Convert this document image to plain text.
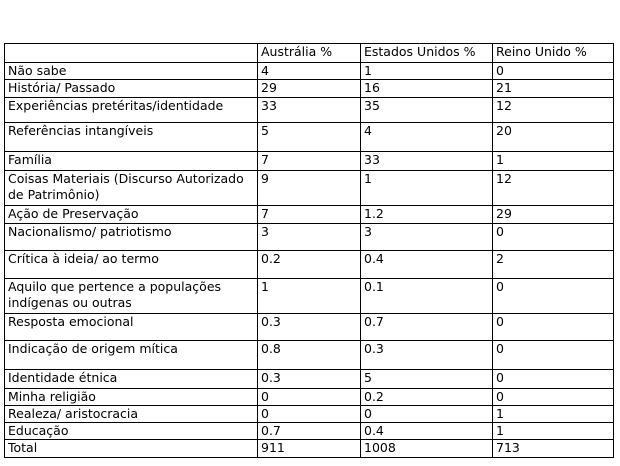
	Austrália %	Estados Unidos %	Reino Unido %
Não sabe	4	1	0
História/ Passado	29	16	21
Experiências pretéritas/identidade	33	35	12
Referências intangíveis	5	4	20
Família	7	33	1
Coisas Materiais (Discurso Autorizado de Patrimônio)	9	1	12
Ação de Preservação	7	1.2	29
Nacionalismo/ patriotismo	3	3	0
Crítica à ideia/ ao termo	0.2	0.4	2
Aquilo que pertence a populações indígenas ou outras	1	0.1	0
Resposta emocional	0.3	0.7	0
Indicação de origem mítica	0.8	0.3	0
Identidade étnica	0.3	5	0
Minha religião	0	0.2	0
Realeza/ aristocracia	0	0	1
Educação	0.7	0.4	1
Total	911	1008	713
